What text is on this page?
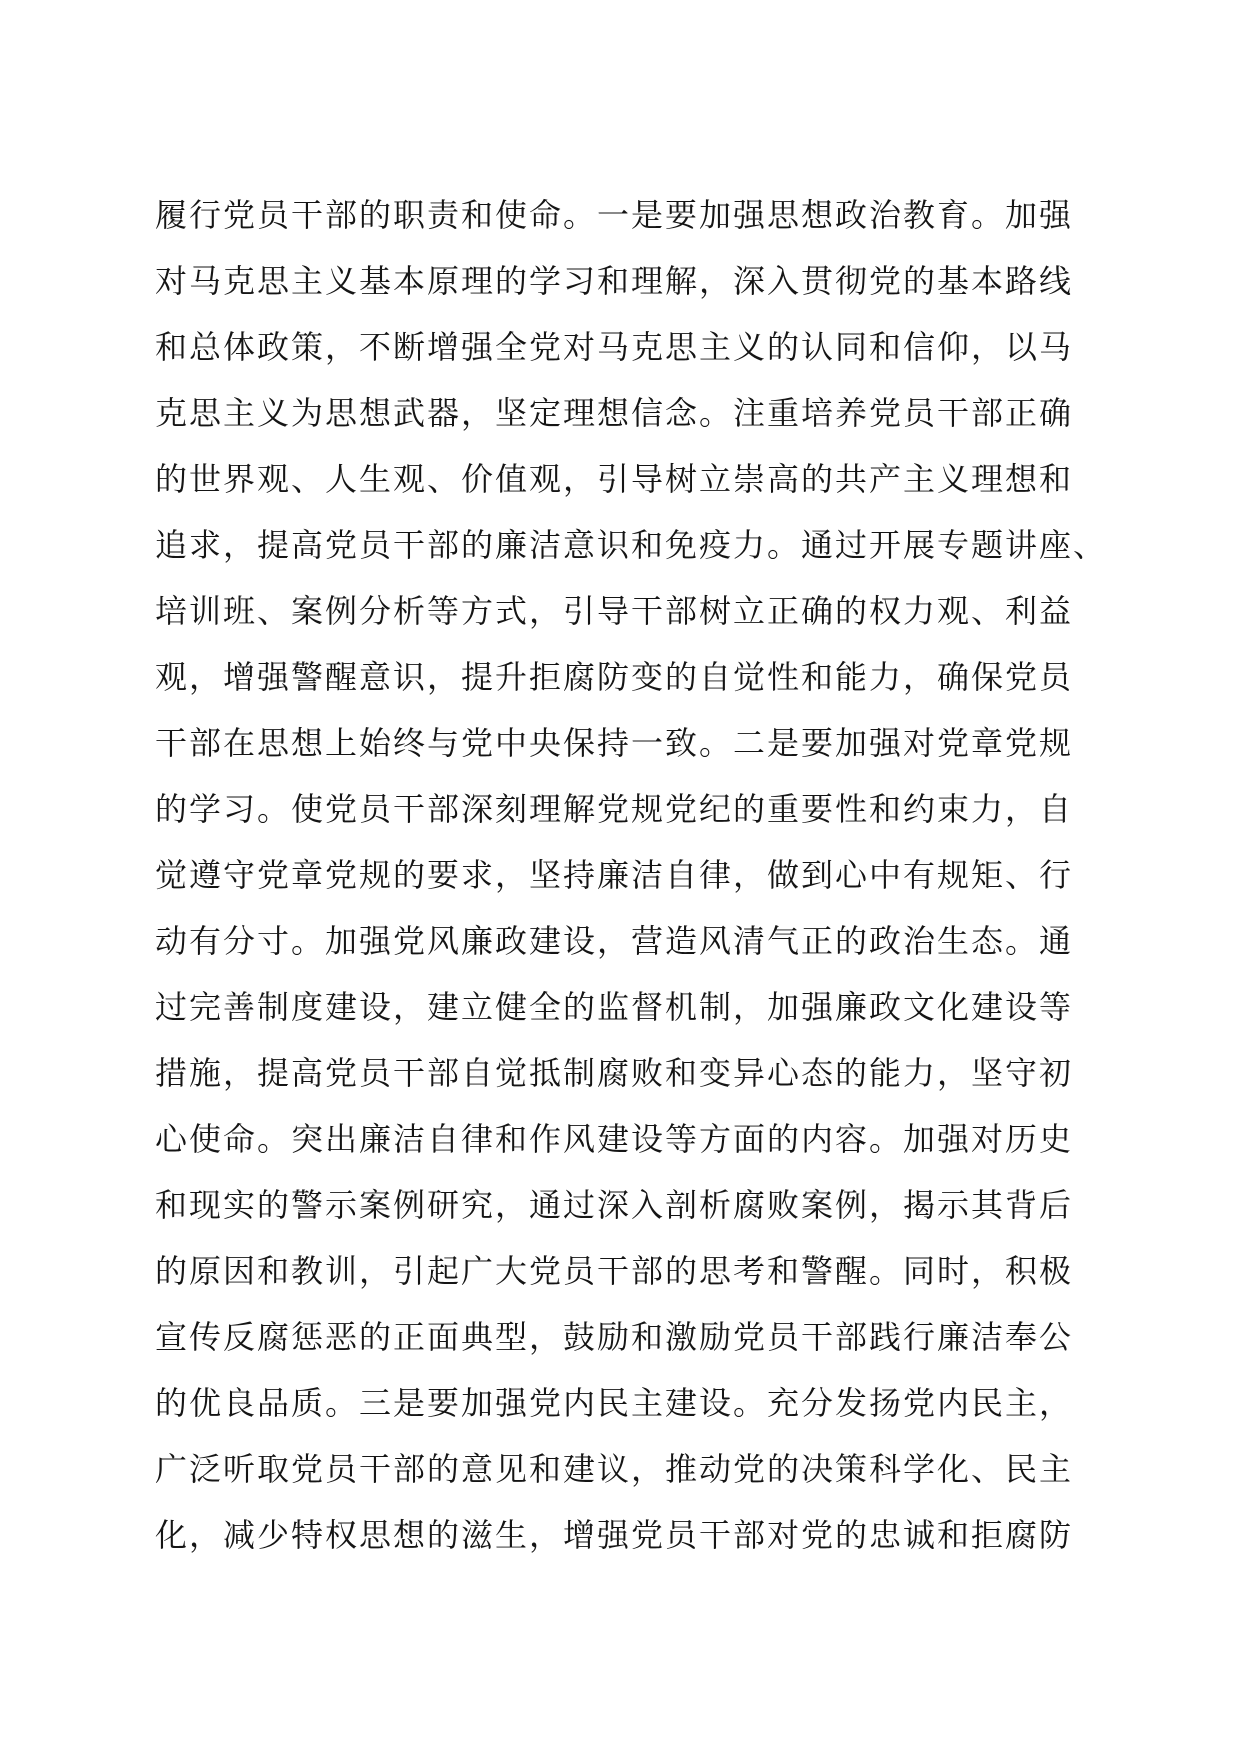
履行党员干部的职责和使命。一是要加强思想政治教育。加强
对马克思主义基本原理的学习和理解，深入贯彻党的基本路线
和总体政策，不断增强全党对马克思主义的认同和信仰，以马
克思主义为思想武器，坚定理想信念。注重培养党员干部正确
的世界观、人生观、价值观，引导树立崇高的共产主义理想和
追求，提高党员干部的廉洁意识和免疫力。通过开展专题讲座、
培训班、案例分析等方式，引导干部树立正确的权力观、利益
观，增强警醒意识，提升拒腐防变的自觉性和能力，确保党员
干部在思想上始终与党中央保持一致。二是要加强对党章党规
的学习。使党员干部深刻理解党规党纪的重要性和约束力，自
觉遵守党章党规的要求，坚持廉洁自律，做到心中有规矩、行
动有分寸。加强党风廉政建设，营造风清气正的政治生态。通
过完善制度建设，建立健全的监督机制，加强廉政文化建设等
措施，提高党员干部自觉抵制腐败和变异心态的能力，坚守初
心使命。突出廉洁自律和作风建设等方面的内容。加强对历史
和现实的警示案例研究，通过深入剖析腐败案例，揭示其背后
的原因和教训，引起广大党员干部的思考和警醒。同时，积极
宣传反腐惩恶的正面典型，鼓励和激励党员干部践行廉洁奉公
的优良品质。三是要加强党内民主建设。充分发扬党内民主，
广泛听取党员干部的意见和建议，推动党的决策科学化、民主
化，减少特权思想的滋生，增强党员干部对党的忠诚和拒腐防
